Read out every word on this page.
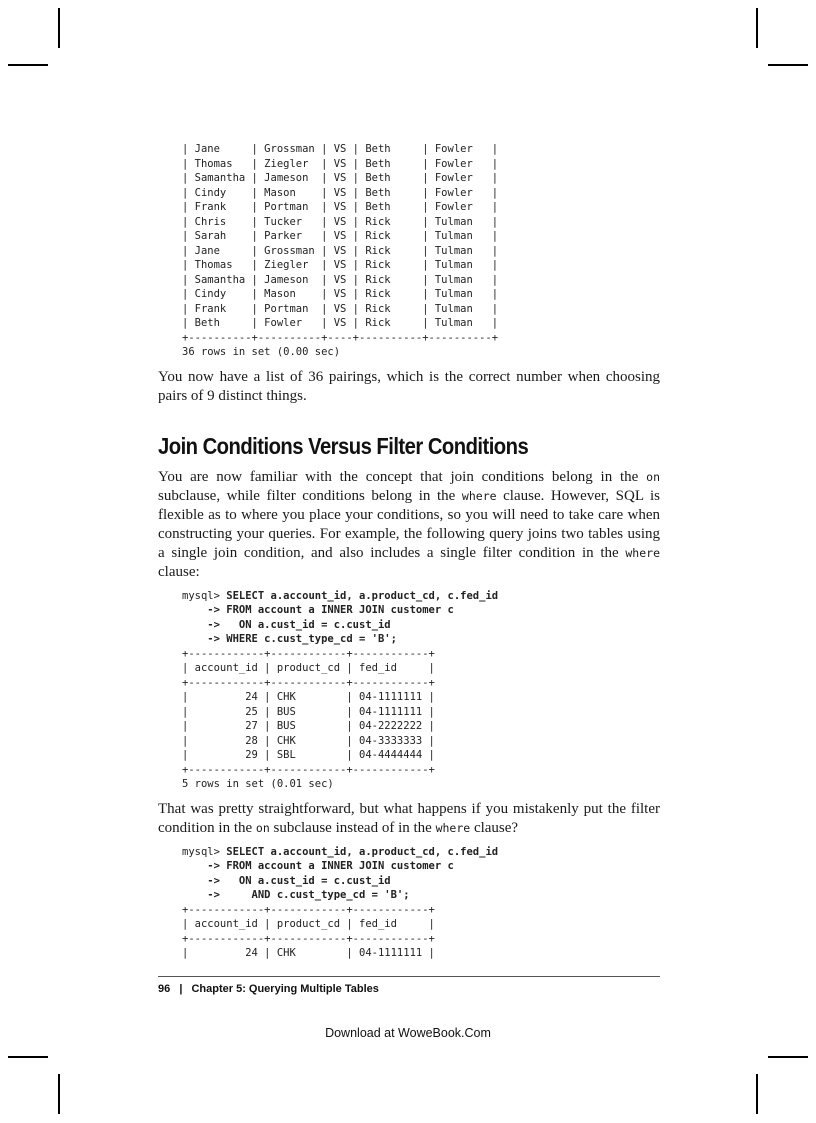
| Jane     | Grossman | VS | Beth     | Fowler   |
| Thomas   | Ziegler  | VS | Beth     | Fowler   |
| Samantha | Jameson  | VS | Beth     | Fowler   |
| Cindy    | Mason    | VS | Beth     | Fowler   |
| Frank    | Portman  | VS | Beth     | Fowler   |
| Chris    | Tucker   | VS | Rick     | Tulman   |
| Sarah    | Parker   | VS | Rick     | Tulman   |
| Jane     | Grossman | VS | Rick     | Tulman   |
| Thomas   | Ziegler  | VS | Rick     | Tulman   |
| Samantha | Jameson  | VS | Rick     | Tulman   |
| Cindy    | Mason    | VS | Rick     | Tulman   |
| Frank    | Portman  | VS | Rick     | Tulman   |
| Beth     | Fowler   | VS | Rick     | Tulman   |
+----------+----------+----+----------+----------+
36 rows in set (0.00 sec)

You now have a list of 36 pairings, which is the correct number when choosing pairs of 9 distinct things.

Join Conditions Versus Filter Conditions

You are now familiar with the concept that join conditions belong in the on subclause, while filter conditions belong in the where clause. However, SQL is flexible as to where you place your conditions, so you will need to take care when constructing your queries. For example, the following query joins two tables using a single join condition, and also includes a single filter condition in the where clause:

mysql> SELECT a.account_id, a.product_cd, c.fed_id
-> FROM account a INNER JOIN customer c
->   ON a.cust_id = c.cust_id
-> WHERE c.cust_type_cd = 'B';
+------------+------------+------------+
| account_id | product_cd | fed_id     |
+------------+------------+------------+
|         24 | CHK        | 04-1111111 |
|         25 | BUS        | 04-1111111 |
|         27 | BUS        | 04-2222222 |
|         28 | CHK        | 04-3333333 |
|         29 | SBL        | 04-4444444 |
+------------+------------+------------+
5 rows in set (0.01 sec)

That was pretty straightforward, but what happens if you mistakenly put the filter condition in the on subclause instead of in the where clause?

mysql> SELECT a.account_id, a.product_cd, c.fed_id
-> FROM account a INNER JOIN customer c
->   ON a.cust_id = c.cust_id
->     AND c.cust_type_cd = 'B';
+------------+------------+------------+
| account_id | product_cd | fed_id     |
+------------+------------+------------+
|         24 | CHK        | 04-1111111 |
96 | Chapter 5: Querying Multiple Tables
Download at WoweBook.Com
